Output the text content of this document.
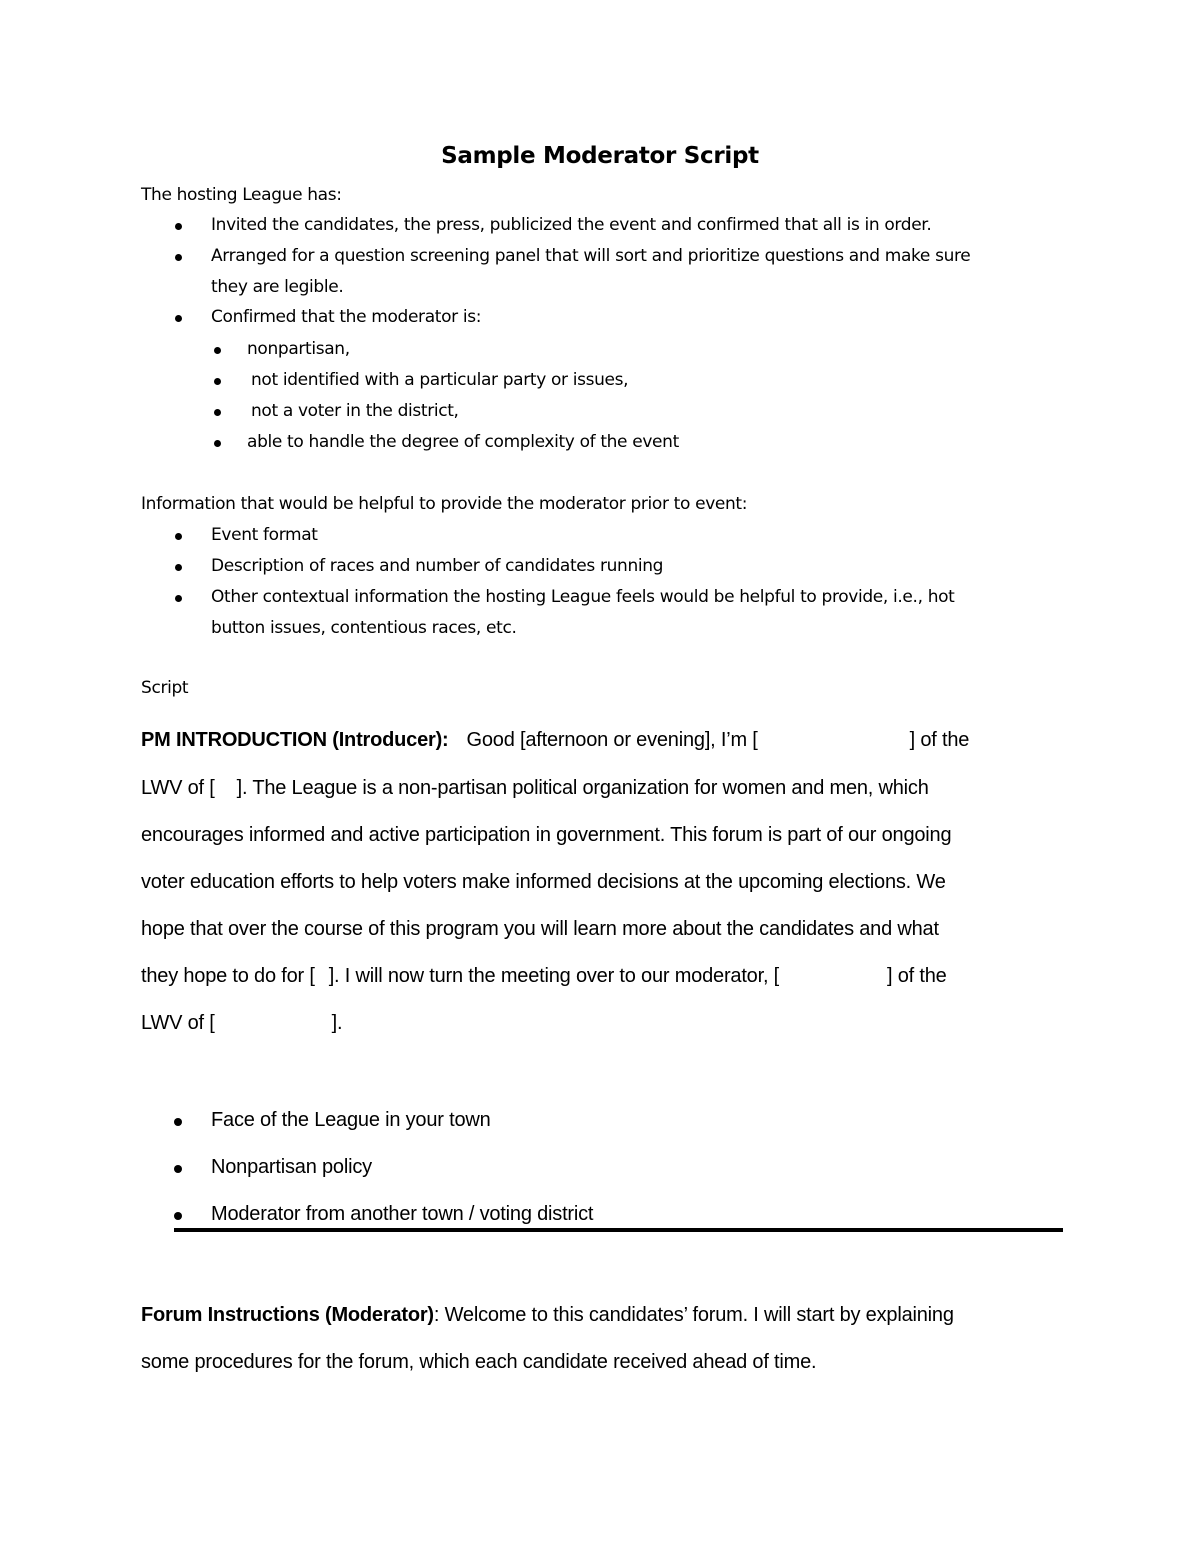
Sample Moderator Script

The hosting League has:

Invited the candidates, the press, publicized the event and confirmed that all is in order.

Arranged for a question screening panel that will sort and prioritize questions and make sure

they are legible.

Confirmed that the moderator is:

nonpartisan,

not identified with a particular party or issues,

not a voter in the district,

able to handle the degree of complexity of the event

Information that would be helpful to provide the moderator prior to event:

Event format

Description of races and number of candidates running

Other contextual information the hosting League feels would be helpful to provide, i.e., hot

button issues, contentious races, etc.

Script

PM INTRODUCTION (Introducer): Good [afternoon or evening], I’m [	] of the

LWV of [ ]. The League is a non-partisan political organization for women and men, which

encourages informed and active participation in government. This forum is part of our ongoing

voter education efforts to help voters make informed decisions at the upcoming elections. We

hope that over the course of this program you will learn more about the candidates and what

they hope to do for [ ]. I will now turn the meeting over to our moderator, [	] of the

LWV of [	].

Face of the League in your town

Nonpartisan policy

Moderator from another town / voting district

Forum Instructions (Moderator): Welcome to this candidates’ forum. I will start by explaining

some procedures for the forum, which each candidate received ahead of time.
